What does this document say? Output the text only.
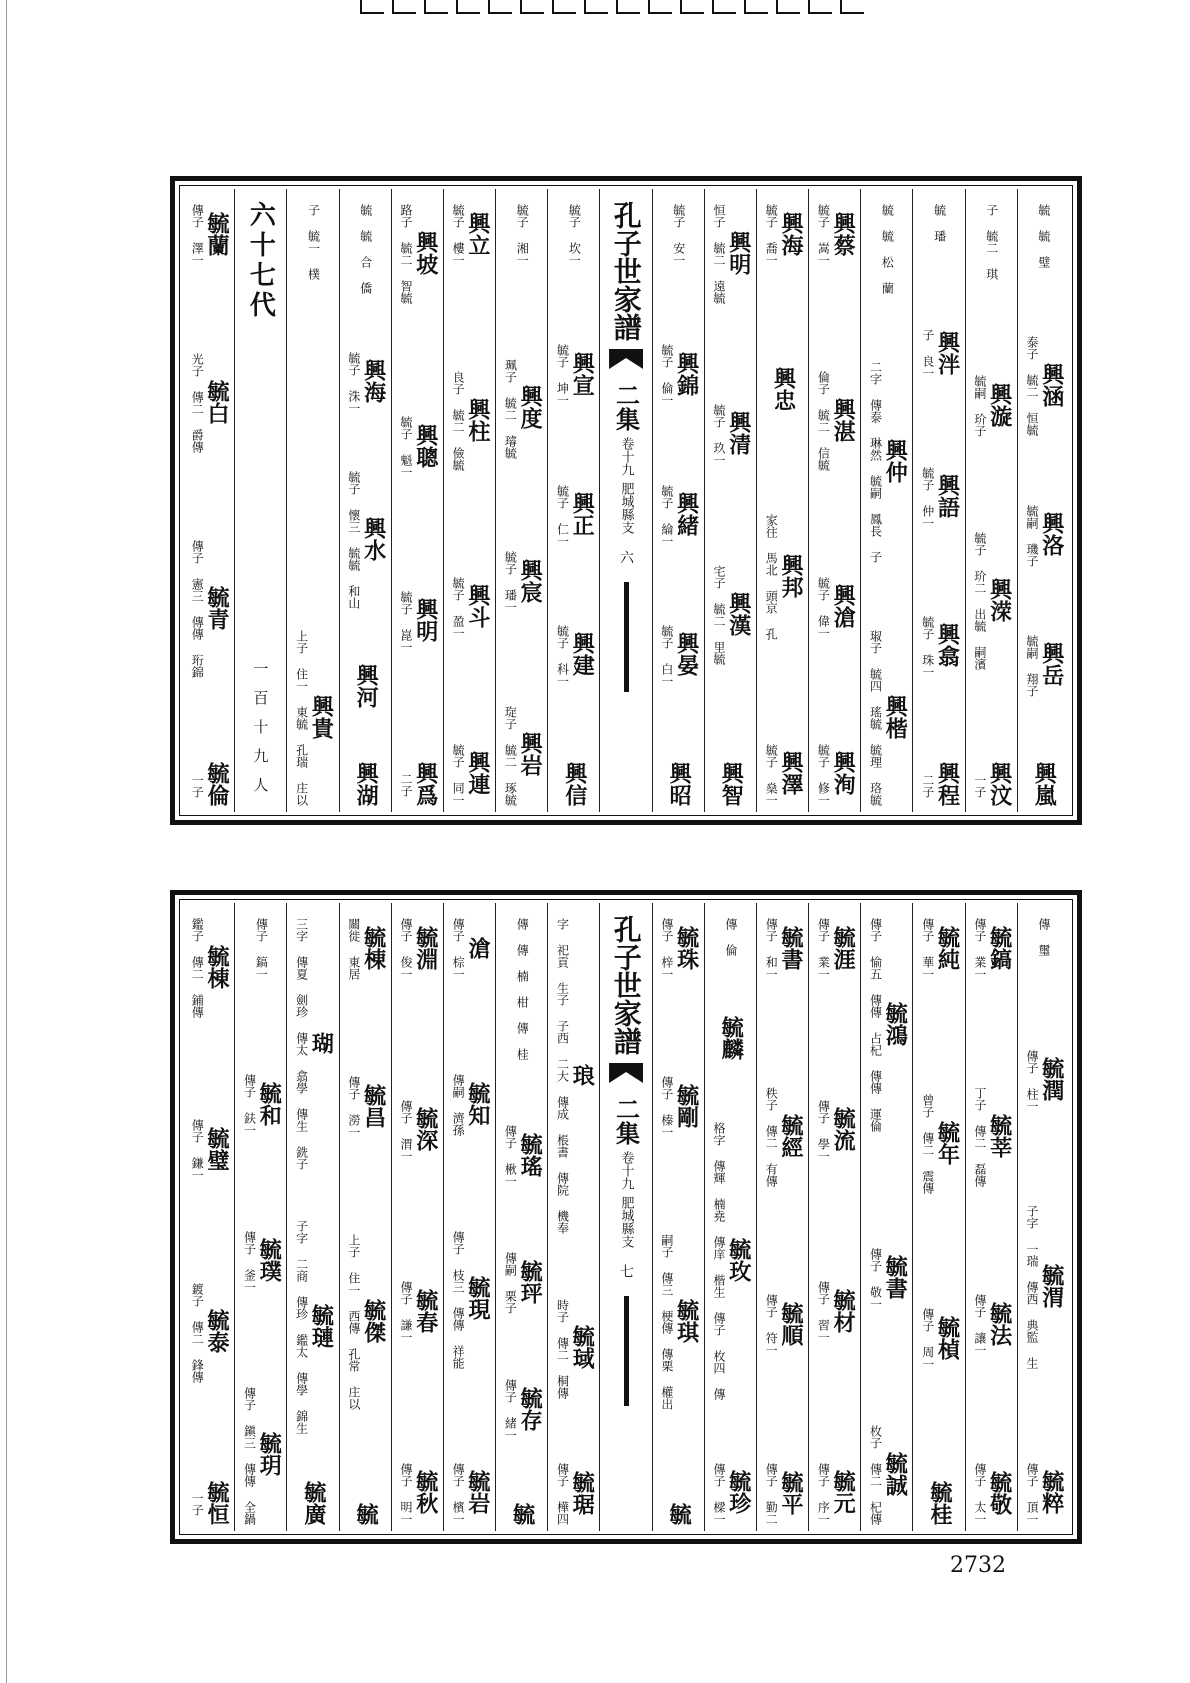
毓 毓 璧
興涵
泰子 毓二 恒毓
興洛
毓嗣 璣子
興岳
毓嗣 翔子
興嵐
子 毓二 琪
興漩
毓嗣 玠子
興溁
毓子 玠二 出毓 嗣濱
興汶
一子
毓 璠
興泮
子 良一
興語
毓子 仲一
興翕
毓子 珠一
興程
二子
毓 毓 松 蘭
興仲
二字 傳泰 琳然 毓嗣 鳳長 子
興楷
琡子 毓四 瑤毓 毓理 珞毓
興蔡
毓子 嵩一
興湛
倫子 毓二 信毓
興滄
毓子 偉一
興洵
毓子 修一
興海
毓子 喬一
興忠
興邦
家往 馬北 頭京 孔
興澤
毓子 燊一
興明
恒子 毓二 遠毓
興清
毓子 玖一
興漢
宅子 毓二 里毓
興智
毓子 安一
興錦
毓子 倫一
興緒
毓子 綸一
興晏
毓子 白一
興昭
孔子世家譜
二集
卷十九
肥城縣支
六
毓子 坎一
興宣
毓子 坤一
興正
毓子 仁一
興建
毓子 科一
興信
毓子 湘一
興度
珮子 毓二 璿毓
興宸
毓子 璠一
興岩
琁子 毓二 琢毓
興立
毓子 樓一
興柱
良子 毓二 儉毓
興斗
毓子 盈一
興連
毓子 同一
興坡
路子 毓二 智毓
興聰
毓子 魁一
興明
毓子 崑一
興爲
二子
毓 毓 合 僑
興海
毓子 洙一
興水
毓子 懷三 毓毓 和山
興河
興湖
子 毓一 樸
興貴
上子 住一 東毓 孔瑞 庄以
六十七代
一百十九人
毓蘭
傳子 澤一
毓白
光子 傳二 爵傳
毓青
傳子 憲三 傳傳 珩錦
毓倫
一子
傳 璽
毓潤
傳子 柱一
毓渭
子字 一瑞 傳西 典監 生
毓粹
傳子 頂一
毓鎬
傳子 業一
毓莘
丁子 傳二 磊傳
毓法
傳子 讓一
毓敬
傳子 太一
毓純
傳子 華一
毓年
曾子 傳二 震傳
毓楨
傳子 周一
毓桂
毓鴻
傳子 愉五 傳傳 占杞 傳傳 運倫
毓書
傳子 敬一
毓誠
枚子 傳二 杞傳
毓涯
傳子 業一
毓流
傳子 學一
毓材
傳子 習一
毓元
傳子 序一
毓書
傳子 和一
毓經
秩子 傳二 有傳
毓順
傳子 符一
毓平
傳子 勤二
傳 倫
毓麟
毓玫
格字 傳輝 楠堯 傳庠 楷生 傳子 枚四 傳
毓珍
傳子 樑一
毓珠
傳子 梓一
毓剛
傳子 榛一
毓琪
嗣子 傳三 梗傳 傳栗 權出
毓
孔子世家譜
二集
卷十九
肥城縣支
七
琅
字 祀貢 生子 子西 二大 傳成 棖書 傳院 機奉
毓琙
時子 傳二 桐傳
毓琚
傳子 樺四
傳 傳 楠 柑 傳 桂
毓瑤
傳子 楸一
毓玶
傳嗣 栗子
毓存
傳子 緒一
毓
滄
傳子 棕一
毓知
傳嗣 濟孫
毓現
傳子 枝三 傳傳 祥能
毓岩
傳子 檳一
毓淵
傳子 俊一
毓深
傳子 渭一
毓春
傳子 謙一
毓秋
傳子 明一
毓棟
關徙 東居
毓昌
傳子 澇一
毓傑
上子 住一 西傳 孔常 庄以
毓
瑚
三字 傳夏 劍珍 傳太 翕學 傳生 銑子
毓璉
子字 二商 傳珍 鑑太 傳學 錦生
毓廣
傳子 鎬一
毓和
傳子 鈇一
毓璞
傳子 釜一
毓玥
傳子 鎭三 傳傳 全鍋
毓棟
鑑子 傳二 鋪傳
毓璧
傳子 鎌一
毓泰
鍍子 傳二 鋒傳
毓恒
一子
2732
